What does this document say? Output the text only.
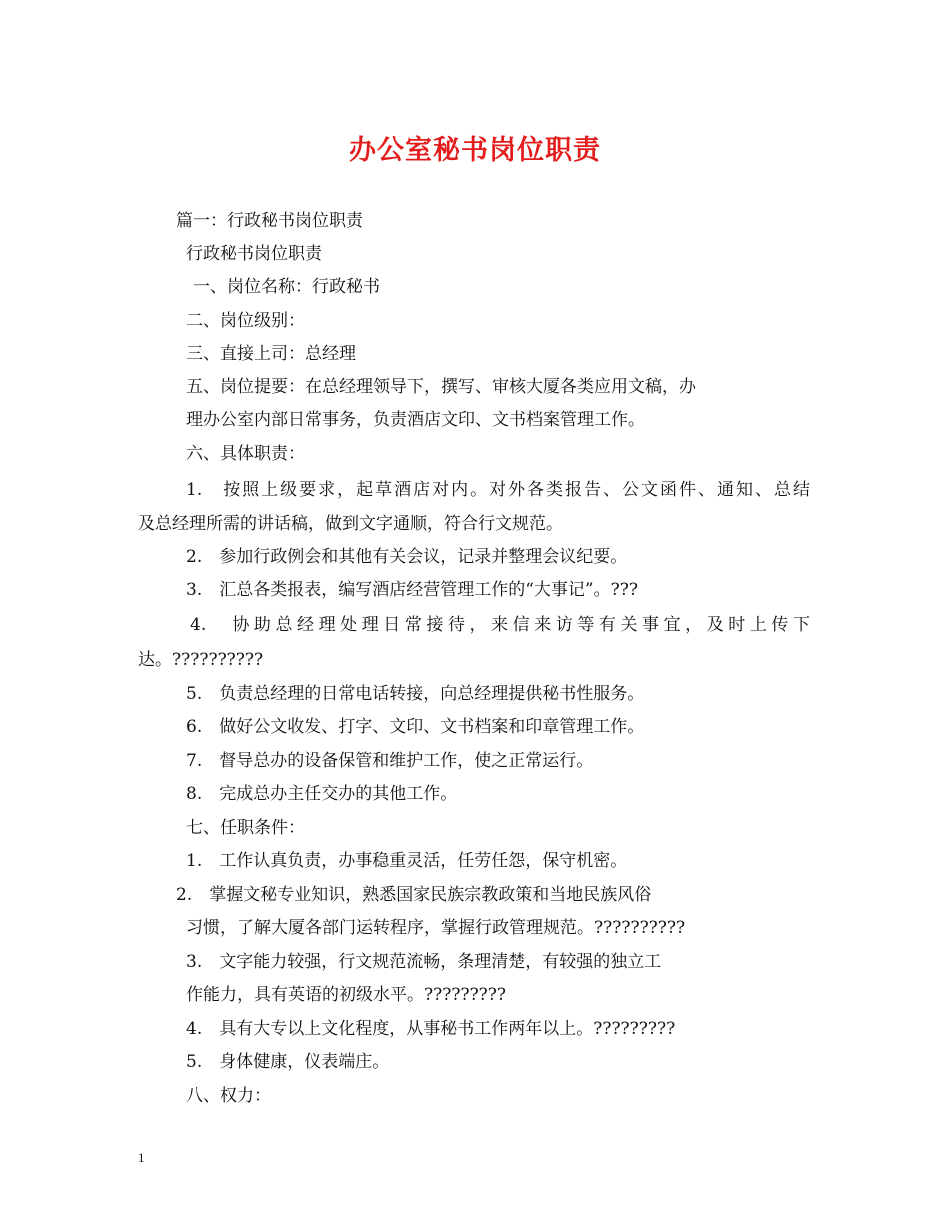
办公室秘书岗位职责
篇一：行政秘书岗位职责
行政秘书岗位职责
一、岗位名称：行政秘书
二、岗位级别：
三、直接上司：总经理
五、岗位提要：在总经理领导下，撰写、审核大厦各类应用文稿，办
理办公室内部日常事务，负责酒店文印、文书档案管理工作。
六、具体职责：
1.　按照上级要求，起草酒店对内。对外各类报告、公文函件、通知、总结
及总经理所需的讲话稿，做到文字通顺，符合行文规范。
2.　参加行政例会和其他有关会议，记录并整理会议纪要。
3.　汇总各类报表，编写酒店经营管理工作的“大事记”。???
4.　协助总经理处理日常接待，来信来访等有关事宜，及时上传下
达。??????????
5.　负责总经理的日常电话转接，向总经理提供秘书性服务。
6.　做好公文收发、打字、文印、文书档案和印章管理工作。
7.　督导总办的设备保管和维护工作，使之正常运行。
8.　完成总办主任交办的其他工作。
七、任职条件：
1.　工作认真负责，办事稳重灵活，任劳任怨，保守机密。
2.　掌握文秘专业知识，熟悉国家民族宗教政策和当地民族风俗
习惯，了解大厦各部门运转程序，掌握行政管理规范。??????????
3.　文字能力较强，行文规范流畅，条理清楚，有较强的独立工
作能力，具有英语的初级水平。?????????
4.　具有大专以上文化程度，从事秘书工作两年以上。?????????
5.　身体健康，仪表端庄。
八、权力：
1
